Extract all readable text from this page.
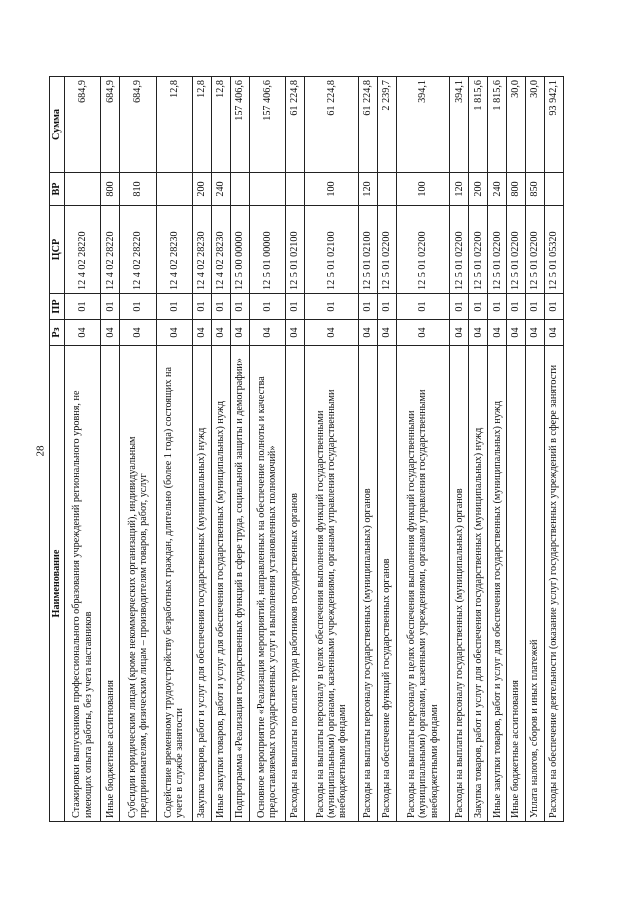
28
Наименование	Рз	ПР	ЦСР	ВР	Сумма
Стажировки выпускников профессионального образования учреждений регионального уровня, не имеющих опыта работы, без учета наставников	04	01	12 4 02 28220		684,9
Иные бюджетные ассигнования	04	01	12 4 02 28220	800	684,9
Субсидии юридическим лицам (кроме некоммерческих организаций), индивидуальным предпринимателям, физическим лицам – производителям товаров, работ, услуг	04	01	12 4 02 28220	810	684,9
Содействие временному трудоустройству безработных граждан, длительно (более 1 года) состоящих на учете в службе занятости	04	01	12 4 02 28230		12,8
Закупка товаров, работ и услуг для обеспечения государственных (муниципальных) нужд	04	01	12 4 02 28230	200	12,8
Иные закупки товаров, работ и услуг для обеспечения государственных (муниципальных) нужд	04	01	12 4 02 28230	240	12,8
Подпрограмма «Реализация государственных функций в сфере труда, социальной защиты и демографии»	04	01	12 5 00 00000		157 406,6
Основное мероприятие «Реализация мероприятий, направленных на обеспечение полноты и качества предоставляемых государственных услуг и выполнения установленных полномочий»	04	01	12 5 01 00000		157 406,6
Расходы на выплаты по оплате труда работников государственных органов	04	01	12 5 01 02100		61 224,8
Расходы на выплаты персоналу в целях обеспечения выполнения функций государственными (муниципальными) органами, казенными учреждениями, органами управления государственными внебюджетными фондами	04	01	12 5 01 02100	100	61 224,8
Расходы на выплаты персоналу государственных (муниципальных) органов	04	01	12 5 01 02100	120	61 224,8
Расходы на обеспечение функций государственных органов	04	01	12 5 01 02200		2 239,7
Расходы на выплаты персоналу в целях обеспечения выполнения функций государственными (муниципальными) органами, казенными учреждениями, органами управления государственными внебюджетными фондами	04	01	12 5 01 02200	100	394,1
Расходы на выплаты персоналу государственных (муниципальных) органов	04	01	12 5 01 02200	120	394,1
Закупка товаров, работ и услуг для обеспечения государственных (муниципальных) нужд	04	01	12 5 01 02200	200	1 815,6
Иные закупки товаров, работ и услуг для обеспечения государственных (муниципальных) нужд	04	01	12 5 01 02200	240	1 815,6
Иные бюджетные ассигнования	04	01	12 5 01 02200	800	30,0
Уплата налогов, сборов и иных платежей	04	01	12 5 01 02200	850	30,0
Расходы на обеспечение деятельности (оказание услуг) государственных учреждений в сфере занятости	04	01	12 5 01 05320		93 942,1
